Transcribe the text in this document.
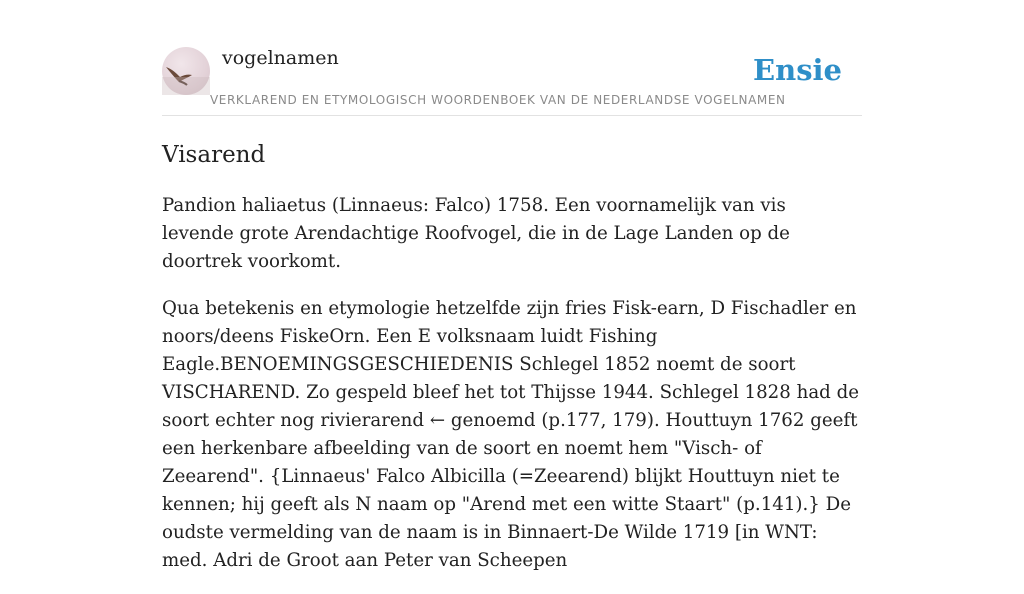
vogelnamen
VERKLAREND EN ETYMOLOGISCH WOORDENBOEK VAN DE NEDERLANDSE VOGELNAMEN
Ensie
Visarend

Pandion haliaetus (Linnaeus: Falco) 1758. Een voornamelijk van vis levende grote Arendachtige Roofvogel, die in de Lage Landen op de doortrek voorkomt.

Qua betekenis en etymologie hetzelfde zijn fries Fisk-earn, D Fischadler en noors/deens FiskeOrn. Een E volksnaam luidt Fishing Eagle.BENOEMINGSGESCHIEDENIS Schlegel 1852 noemt de soort VISCHAREND. Zo gespeld bleef het tot Thijsse 1944. Schlegel 1828 had de soort echter nog rivierarend ← genoemd (p.177, 179). Houttuyn 1762 geeft een herkenbare afbeelding van de soort en noemt hem "Visch- of Zeearend". {Linnaeus' Falco Albicilla (=Zeearend) blijkt Houttuyn niet te kennen; hij geeft als N naam op "Arend met een witte Staart" (p.141).} De oudste vermelding van de naam is in Binnaert-De Wilde 1719 [in WNT: med. Adri de Groot aan Peter van Scheepen
